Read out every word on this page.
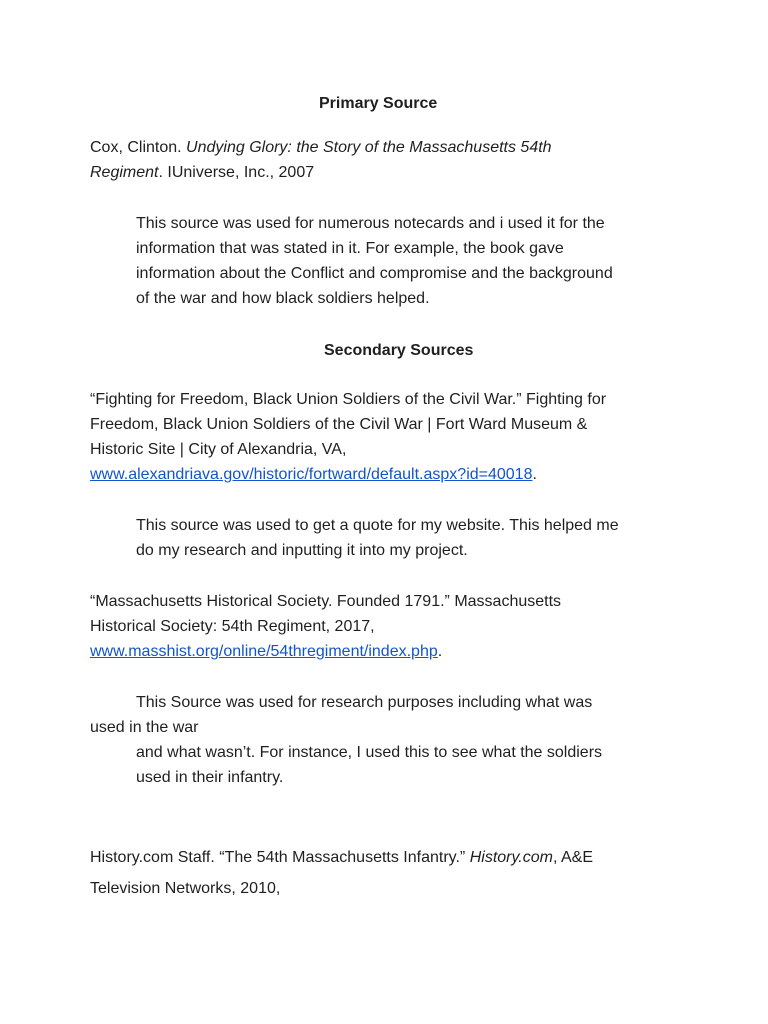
Primary Source
Cox, Clinton. Undying Glory: the Story of the Massachusetts 54th
Regiment. IUniverse, Inc., 2007
This source was used for numerous notecards and i used it for the
information that was stated in it. For example, the book gave
information about the Conflict and compromise and the background
of the war and how black soldiers helped.
Secondary Sources
“Fighting for Freedom, Black Union Soldiers of the Civil War.” Fighting for
Freedom, Black Union Soldiers of the Civil War | Fort Ward Museum &
Historic Site | City of Alexandria, VA,
www.alexandriava.gov/historic/fortward/default.aspx?id=40018.
This source was used to get a quote for my website. This helped me
do my research and inputting it into my project.
“Massachusetts Historical Society. Founded 1791.” Massachusetts
Historical Society: 54th Regiment, 2017,
www.masshist.org/online/54thregiment/index.php.
This Source was used for research purposes including what was
used in the war
and what wasn’t. For instance, I used this to see what the soldiers
used in their infantry.
History.com Staff. “The 54th Massachusetts Infantry.” History.com, A&E
Television Networks, 2010,
